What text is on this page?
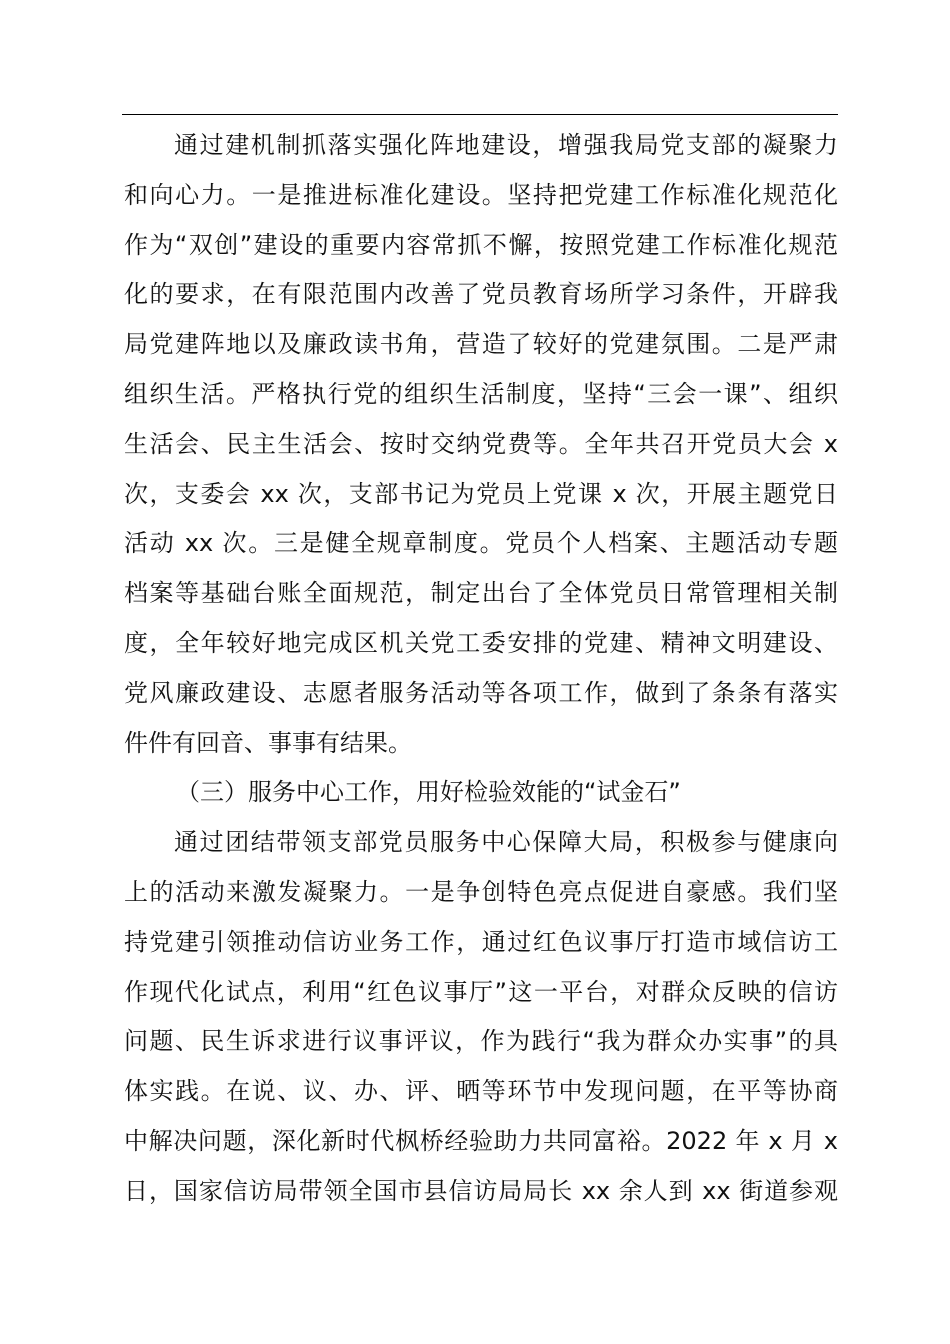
通过建机制抓落实强化阵地建设，增强我局党支部的凝聚力
和向心力。一是推进标准化建设。坚持把党建工作标准化规范化
作为“双创”建设的重要内容常抓不懈，按照党建工作标准化规范
化的要求，在有限范围内改善了党员教育场所学习条件，开辟我
局党建阵地以及廉政读书角，营造了较好的党建氛围。二是严肃
组织生活。严格执行党的组织生活制度，坚持“三会一课”、组织
生活会、民主生活会、按时交纳党费等。全年共召开党员大会 x
次，支委会 xx 次，支部书记为党员上党课 x 次，开展主题党日
活动 xx 次。三是健全规章制度。党员个人档案、主题活动专题
档案等基础台账全面规范，制定出台了全体党员日常管理相关制
度，全年较好地完成区机关党工委安排的党建、精神文明建设、
党风廉政建设、志愿者服务活动等各项工作，做到了条条有落实
件件有回音、事事有结果。
（三）服务中心工作，用好检验效能的“试金石”
通过团结带领支部党员服务中心保障大局，积极参与健康向
上的活动来激发凝聚力。一是争创特色亮点促进自豪感。我们坚
持党建引领推动信访业务工作，通过红色议事厅打造市域信访工
作现代化试点，利用“红色议事厅”这一平台，对群众反映的信访
问题、民生诉求进行议事评议，作为践行“我为群众办实事”的具
体实践。在说、议、办、评、晒等环节中发现问题，在平等协商
中解决问题，深化新时代枫桥经验助力共同富裕。2022 年 x 月 x
日，国家信访局带领全国市县信访局局长 xx 余人到 xx 街道参观
